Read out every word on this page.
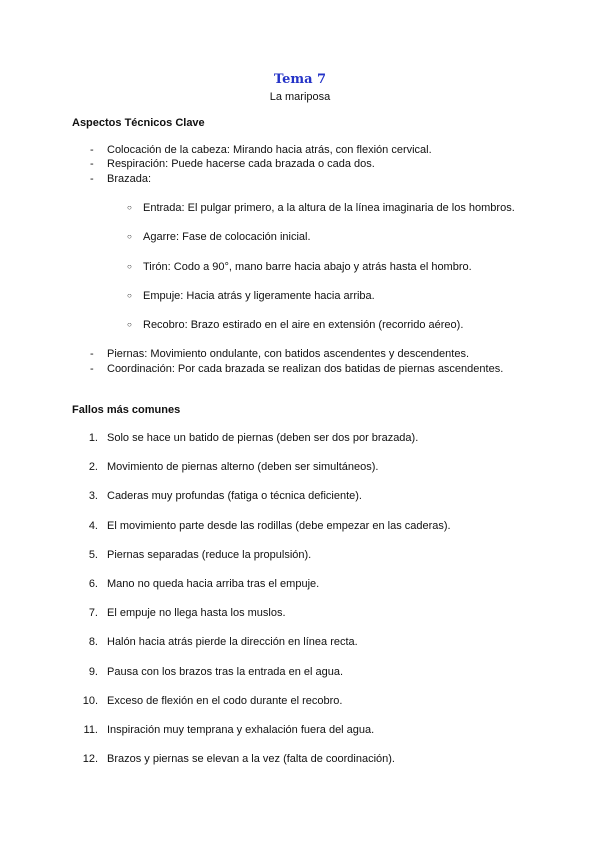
Tema 7
La mariposa
Aspectos Técnicos Clave
- Colocación de la cabeza: Mirando hacia atrás, con flexión cervical.
- Respiración: Puede hacerse cada brazada o cada dos.
- Brazada:
○ Entrada: El pulgar primero, a la altura de la línea imaginaria de los hombros.
○ Agarre: Fase de colocación inicial.
○ Tirón: Codo a 90°, mano barre hacia abajo y atrás hasta el hombro.
○ Empuje: Hacia atrás y ligeramente hacia arriba.
○ Recobro: Brazo estirado en el aire en extensión (recorrido aéreo).
- Piernas: Movimiento ondulante, con batidos ascendentes y descendentes.
- Coordinación: Por cada brazada se realizan dos batidas de piernas ascendentes.
Fallos más comunes
1. Solo se hace un batido de piernas (deben ser dos por brazada).
2. Movimiento de piernas alterno (deben ser simultáneos).
3. Caderas muy profundas (fatiga o técnica deficiente).
4. El movimiento parte desde las rodillas (debe empezar en las caderas).
5. Piernas separadas (reduce la propulsión).
6. Mano no queda hacia arriba tras el empuje.
7. El empuje no llega hasta los muslos.
8. Halón hacia atrás pierde la dirección en línea recta.
9. Pausa con los brazos tras la entrada en el agua.
10. Exceso de flexión en el codo durante el recobro.
11. Inspiración muy temprana y exhalación fuera del agua.
12. Brazos y piernas se elevan a la vez (falta de coordinación).
